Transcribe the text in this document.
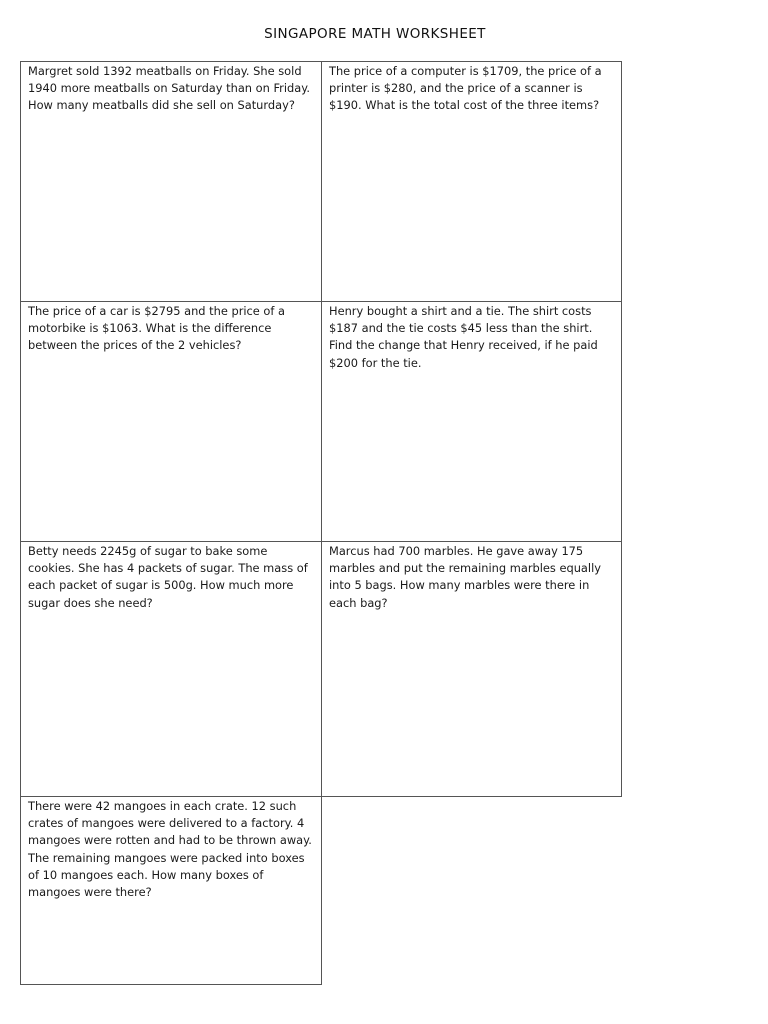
SINGAPORE MATH WORKSHEET
Margret sold 1392 meatballs on Friday. She sold 1940 more meatballs on Saturday than on Friday. How many meatballs did she sell on Saturday?
The price of a computer is $1709, the price of a printer is $280, and the price of a scanner is $190. What is the total cost of the three items?
The price of a car is $2795 and the price of a motorbike is $1063. What is the difference between the prices of the 2 vehicles?
Henry bought a shirt and a tie. The shirt costs $187 and the tie costs $45 less than the shirt. Find the change that Henry received, if he paid $200 for the tie.
Betty needs 2245g of sugar to bake some cookies. She has 4 packets of sugar. The mass of each packet of sugar is 500g. How much more sugar does she need?
Marcus had 700 marbles. He gave away 175 marbles and put the remaining marbles equally into 5 bags. How many marbles were there in each bag?
There were 42 mangoes in each crate. 12 such crates of mangoes were delivered to a factory. 4 mangoes were rotten and had to be thrown away. The remaining mangoes were packed into boxes of 10 mangoes each. How many boxes of mangoes were there?
